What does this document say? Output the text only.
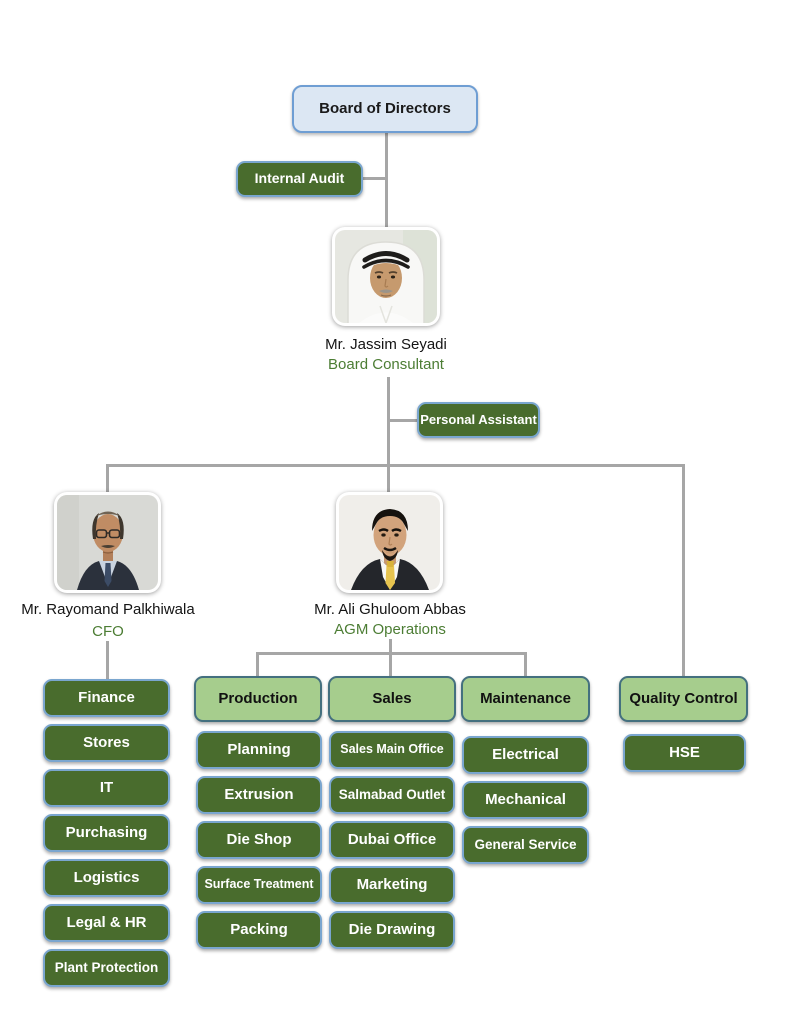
Board of Directors
Internal Audit
Mr. Jassim Seyadi
Board Consultant
Personal Assistant
Mr. Rayomand Palkhiwala
CFO
Mr. Ali Ghuloom Abbas
AGM Operations
Production	Sales	Maintenance	Quality Control
Finance
Stores
IT
Purchasing
Logistics
Legal & HR
Plant Protection
Planning
Extrusion
Die Shop
Surface Treatment
Packing
Sales Main Office
Salmabad Outlet
Dubai Office
Marketing
Die Drawing
Electrical
Mechanical
General Service
HSE
